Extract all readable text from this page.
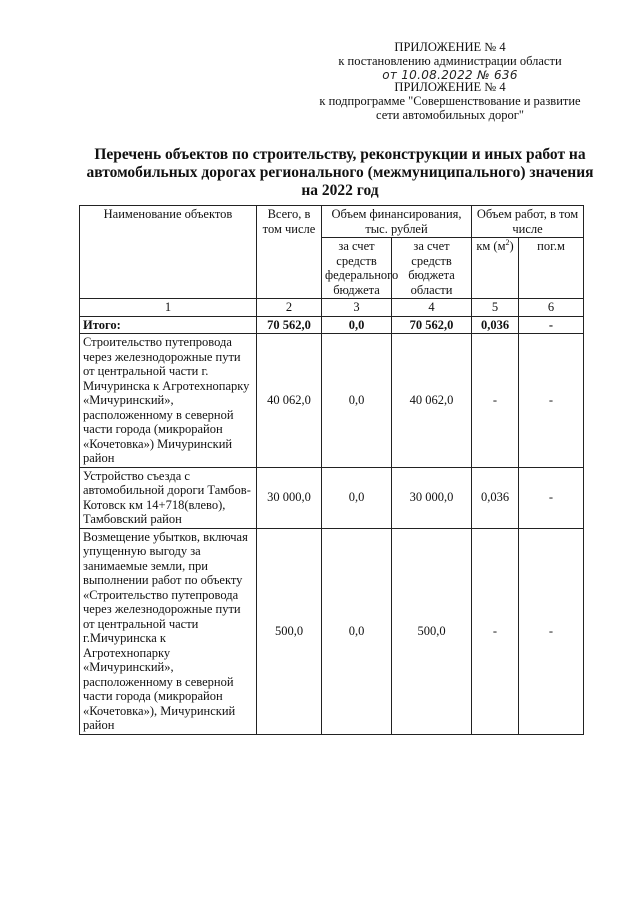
ПРИЛОЖЕНИЕ № 4
к постановлению администрации области
от 10.08.2022 № 636
ПРИЛОЖЕНИЕ № 4
к подпрограмме "Совершенствование и развитие
сети автомобильных дорог"
Перечень объектов по строительству, реконструкции и иных работ на
автомобильных дорогах регионального (межмуниципального) значения
на 2022 год
Наименование объектов	Всего, в том числе	Объем финансирования, тыс. рублей		Объем работ, в том числе	
		за счет средств федерального бюджета	за счет средств бюджета области	км $(м^2)$	пог.м
1	2	3	4	5	6
Итого:	70 562,0	0,0	70 562,0	0,036	-
Строительство путепровода через железнодорожные пути от центральной части г. Мичуринска к Агротехнопарку «Мичуринский», расположенному в северной части города (микрорайон «Кочетовка») Мичуринский район	40 062,0	0,0	40 062,0	-	-
Устройство съезда с автомобильной дороги Тамбов-Котовск км 14+718(влево), Тамбовский район	30 000,0	0,0	30 000,0	0,036	-
Возмещение убытков, включая упущенную выгоду за занимаемые земли, при выполнении работ по объекту «Строительство путепровода через железнодорожные пути от центральной части г.Мичуринска к Агротехнопарку «Мичуринский», расположенному в северной части города (микрорайон «Кочетовка»), Мичуринский район	500,0	0,0	500,0	-	-
